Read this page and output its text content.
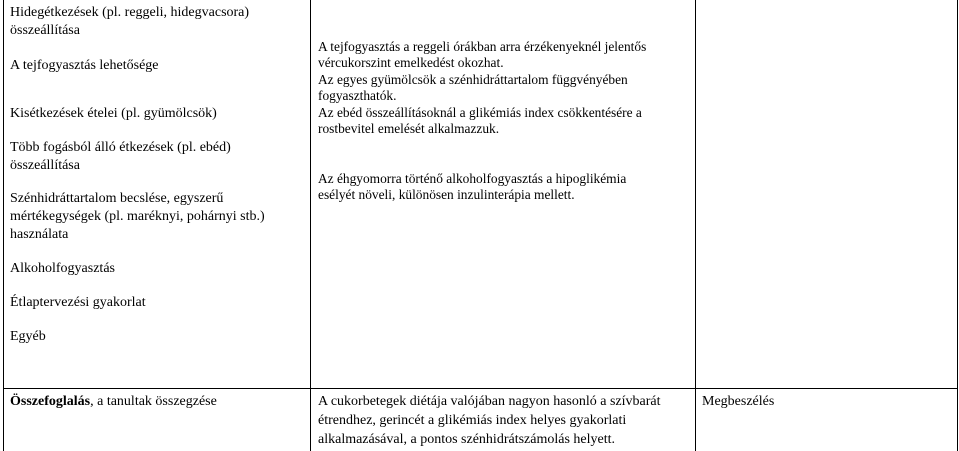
Hidegétkezések (pl. reggeli, hidegvacsora)
összeállítása
A tejfogyasztás lehetősége
Kisétkezések ételei (pl. gyümölcsök)
Több fogásból álló étkezések (pl. ebéd)
összeállítása
Szénhidráttartalom becslése, egyszerű
mértékegységek (pl. maréknyi, pohárnyi stb.)
használata
Alkoholfogyasztás
Étlaptervezési gyakorlat
Egyéb
A tejfogyasztás a reggeli órákban arra érzékenyeknél jelentős
vércukorszint emelkedést okozhat.
Az egyes gyümölcsök a szénhidráttartalom függvényében
fogyaszthatók.
Az ebéd összeállításoknál a glikémiás index csökkentésére a
rostbevitel emelését alkalmazzuk.
Az éhgyomorra történő alkoholfogyasztás a hipoglikémia
esélyét növeli, különösen inzulinterápia mellett.
Összefoglalás, a tanultak összegzése	A cukorbetegek diétája valójában nagyon hasonló a szívbarát
étrendhez, gerincét a glikémiás index helyes gyakorlati
alkalmazásával, a pontos szénhidrátszámolás helyett.
Megbeszélés
